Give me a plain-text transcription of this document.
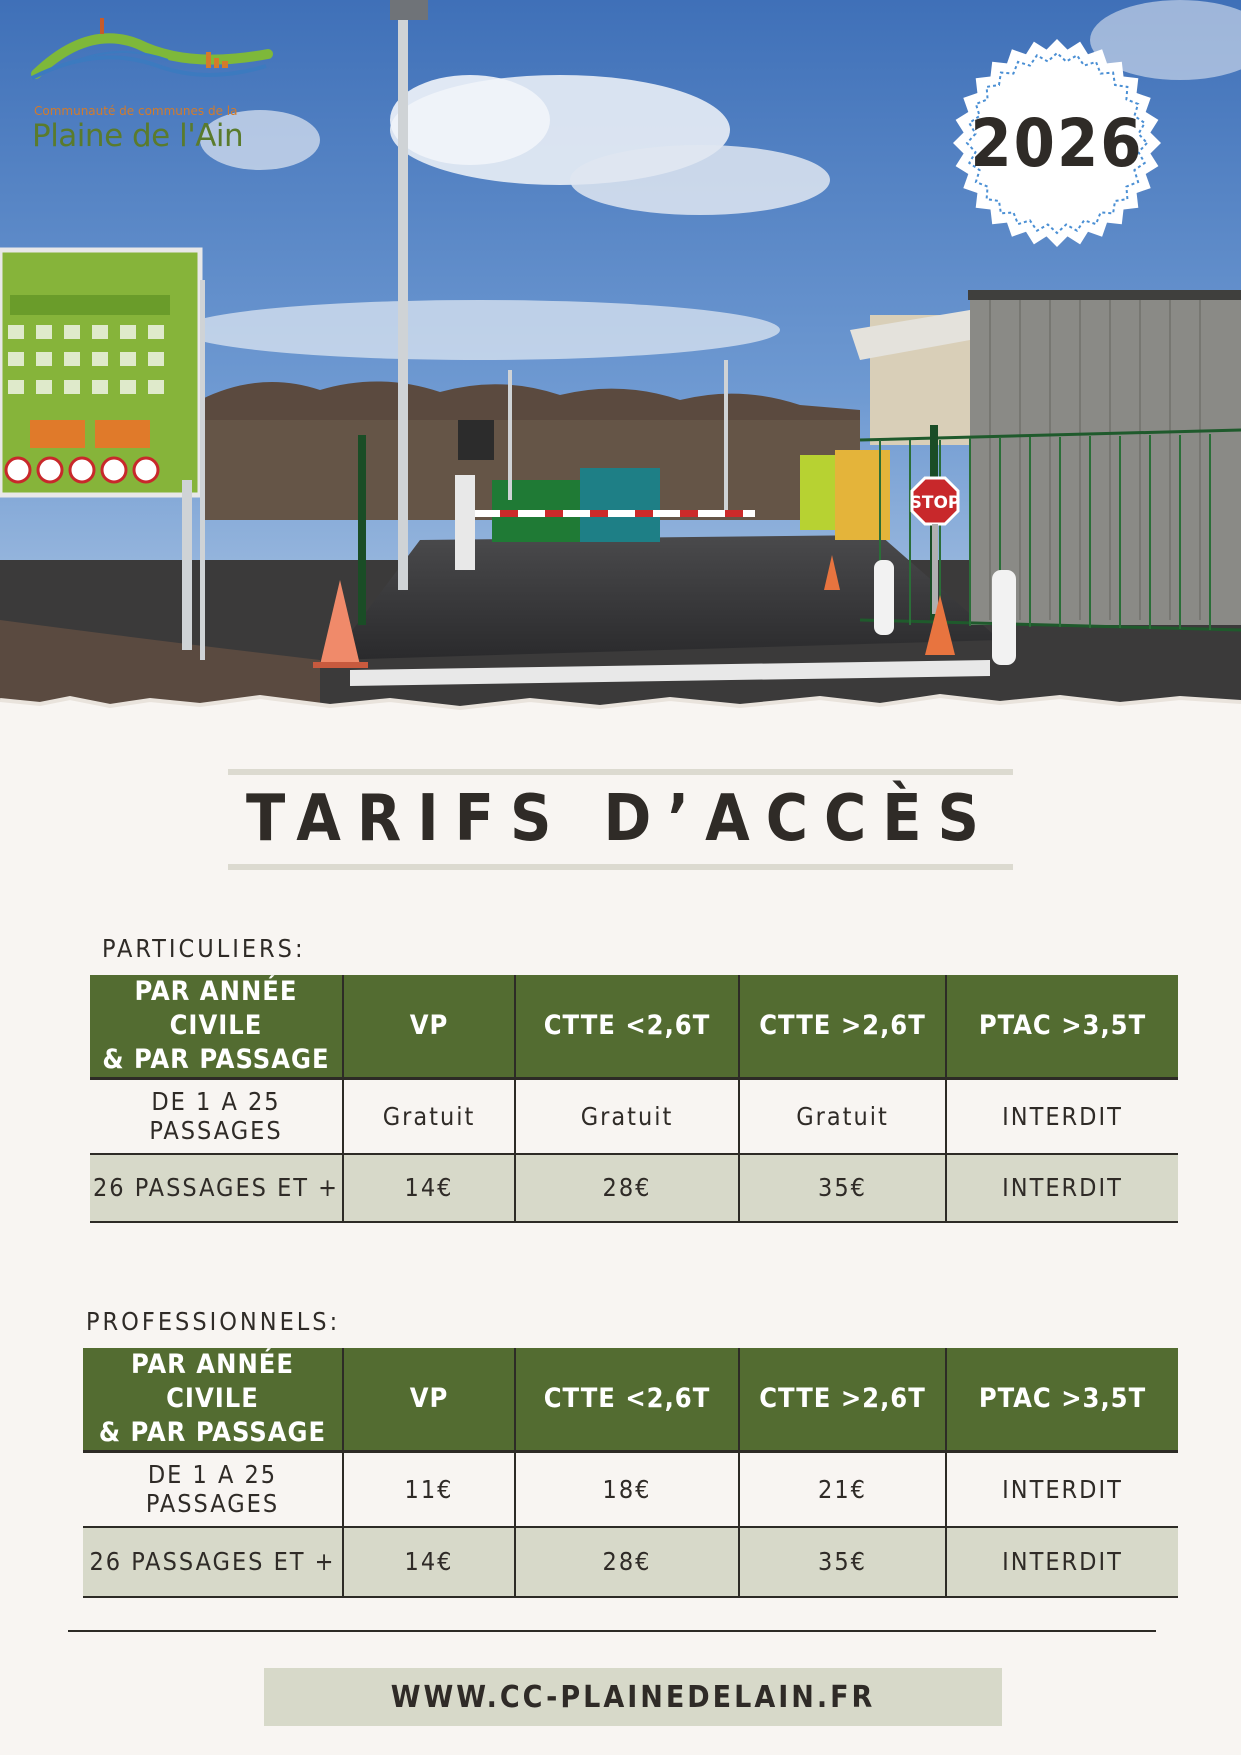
STOP
Communauté de communes de la
Plaine de l'Ain	2026
TARIFS D’ACCÈS
PARTICULIERS:
PAR ANNÉE CIVILE
& PAR PASSAGE	VP	CTTE <2,6T	CTTE >2,6T	PTAC >3,5T
DE 1 A 25 PASSAGES	Gratuit	Gratuit	Gratuit	INTERDIT
26 PASSAGES ET +	14€	28€	35€	INTERDIT
PROFESSIONNELS:
PAR ANNÉE CIVILE
& PAR PASSAGE	VP	CTTE <2,6T	CTTE >2,6T	PTAC >3,5T
DE 1 A 25 PASSAGES	11€	18€	21€	INTERDIT
26 PASSAGES ET +	14€	28€	35€	INTERDIT
WWW.CC-PLAINEDELAIN.FR
